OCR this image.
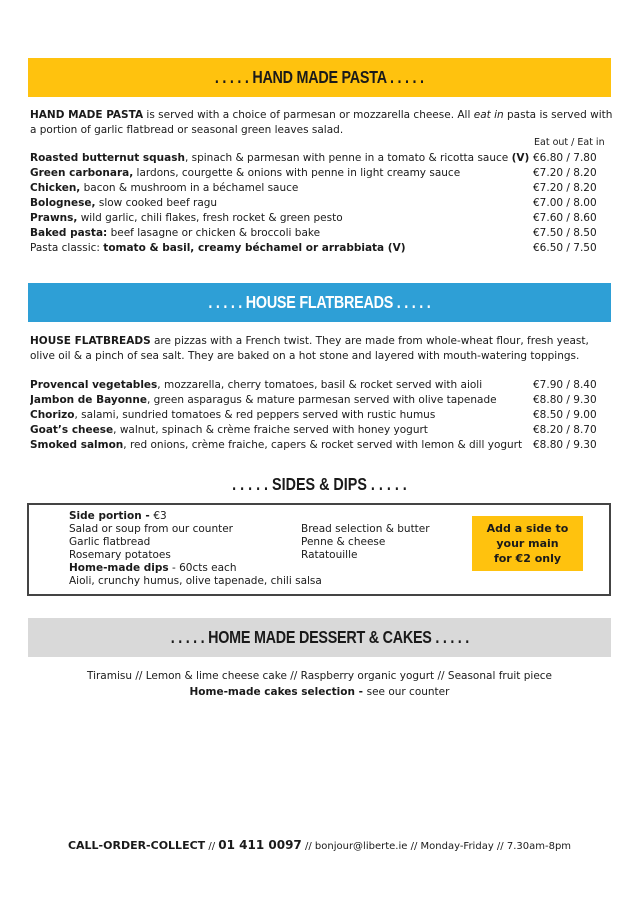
. . . . . HAND MADE PASTA . . . . .
HAND MADE PASTA is served with a choice of parmesan or mozzarella cheese. All eat in pasta is served with a portion of garlic flatbread or seasonal green leaves salad.
Eat out / Eat in
Roasted butternut squash, spinach & parmesan with penne in a tomato & ricotta sauce (V) €6.80 / 7.80
Green carbonara, lardons, courgette & onions with penne in light creamy sauce	€7.20 / 8.20
Chicken, bacon & mushroom in a béchamel sauce	€7.20 / 8.20
Bolognese, slow cooked beef ragu	€7.00 / 8.00
Prawns, wild garlic, chili flakes, fresh rocket & green pesto	€7.60 / 8.60
Baked pasta: beef lasagne or chicken & broccoli bake	€7.50 / 8.50
Pasta classic: tomato & basil, creamy béchamel or arrabbiata (V)	€6.50 / 7.50
. . . . . HOUSE FLATBREADS . . . . .
HOUSE FLATBREADS are pizzas with a French twist. They are made from whole-wheat flour, fresh yeast, olive oil & a pinch of sea salt. They are baked on a hot stone and layered with mouth-watering toppings.
Provencal vegetables, mozzarella, cherry tomatoes, basil & rocket served with aioli	€7.90 / 8.40
Jambon de Bayonne, green asparagus & mature parmesan served with olive tapenade	€8.80 / 9.30
Chorizo, salami, sundried tomatoes & red peppers served with rustic humus	€8.50 / 9.00
Goat’s cheese, walnut, spinach & crème fraiche served with honey yogurt	€8.20 / 8.70
Smoked salmon, red onions, crème fraiche, capers & rocket served with lemon & dill yogurt €8.80 / 9.30
. . . . . SIDES & DIPS . . . . .
Side portion - €3
Salad or soup from our counter
Garlic flatbread
Rosemary potatoes
Home-made dips - 60cts each
Aioli, crunchy humus, olive tapenade, chili salsa
Bread selection & butter
Penne & cheese
Ratatouille
Add a side to
your main
for €2 only
. . . . . HOME MADE DESSERT & CAKES . . . . .
Tiramisu // Lemon & lime cheese cake // Raspberry organic yogurt // Seasonal fruit piece
Home-made cakes selection - see our counter
CALL-ORDER-COLLECT // 01 411 0097 // bonjour@liberte.ie // Monday-Friday // 7.30am-8pm
